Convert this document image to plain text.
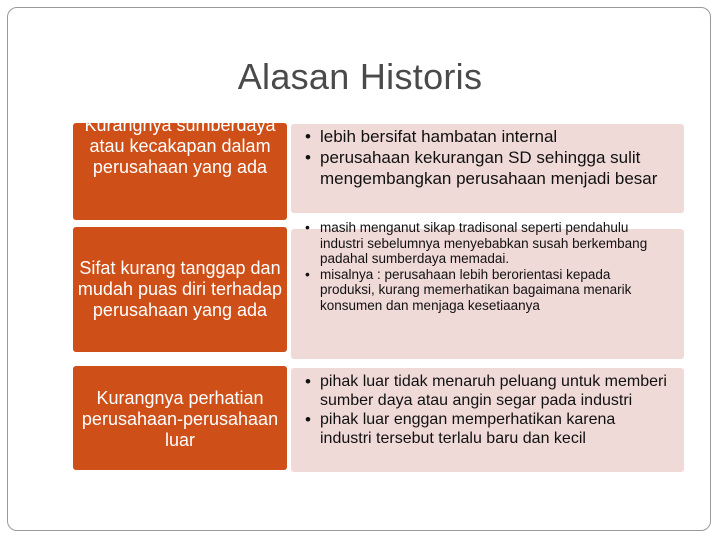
Alasan Historis
Kurangnya sumberdaya atau kecakapan dalam perusahaan yang ada
• lebih bersifat hambatan internal
• perusahaan kekurangan SD sehingga sulit mengembangkan perusahaan menjadi besar
Sifat kurang tanggap dan mudah puas diri terhadap perusahaan yang ada
• masih menganut sikap tradisonal seperti pendahulu industri sebelumnya menyebabkan susah berkembang padahal sumberdaya memadai.
• misalnya : perusahaan lebih berorientasi kepada produksi, kurang memerhatikan bagaimana menarik konsumen dan menjaga kesetiaanya
Kurangnya perhatian perusahaan-perusahaan luar
• pihak luar tidak menaruh peluang untuk memberi sumber daya atau angin segar pada industri
• pihak luar enggan memperhatikan karena industri tersebut terlalu baru dan kecil
